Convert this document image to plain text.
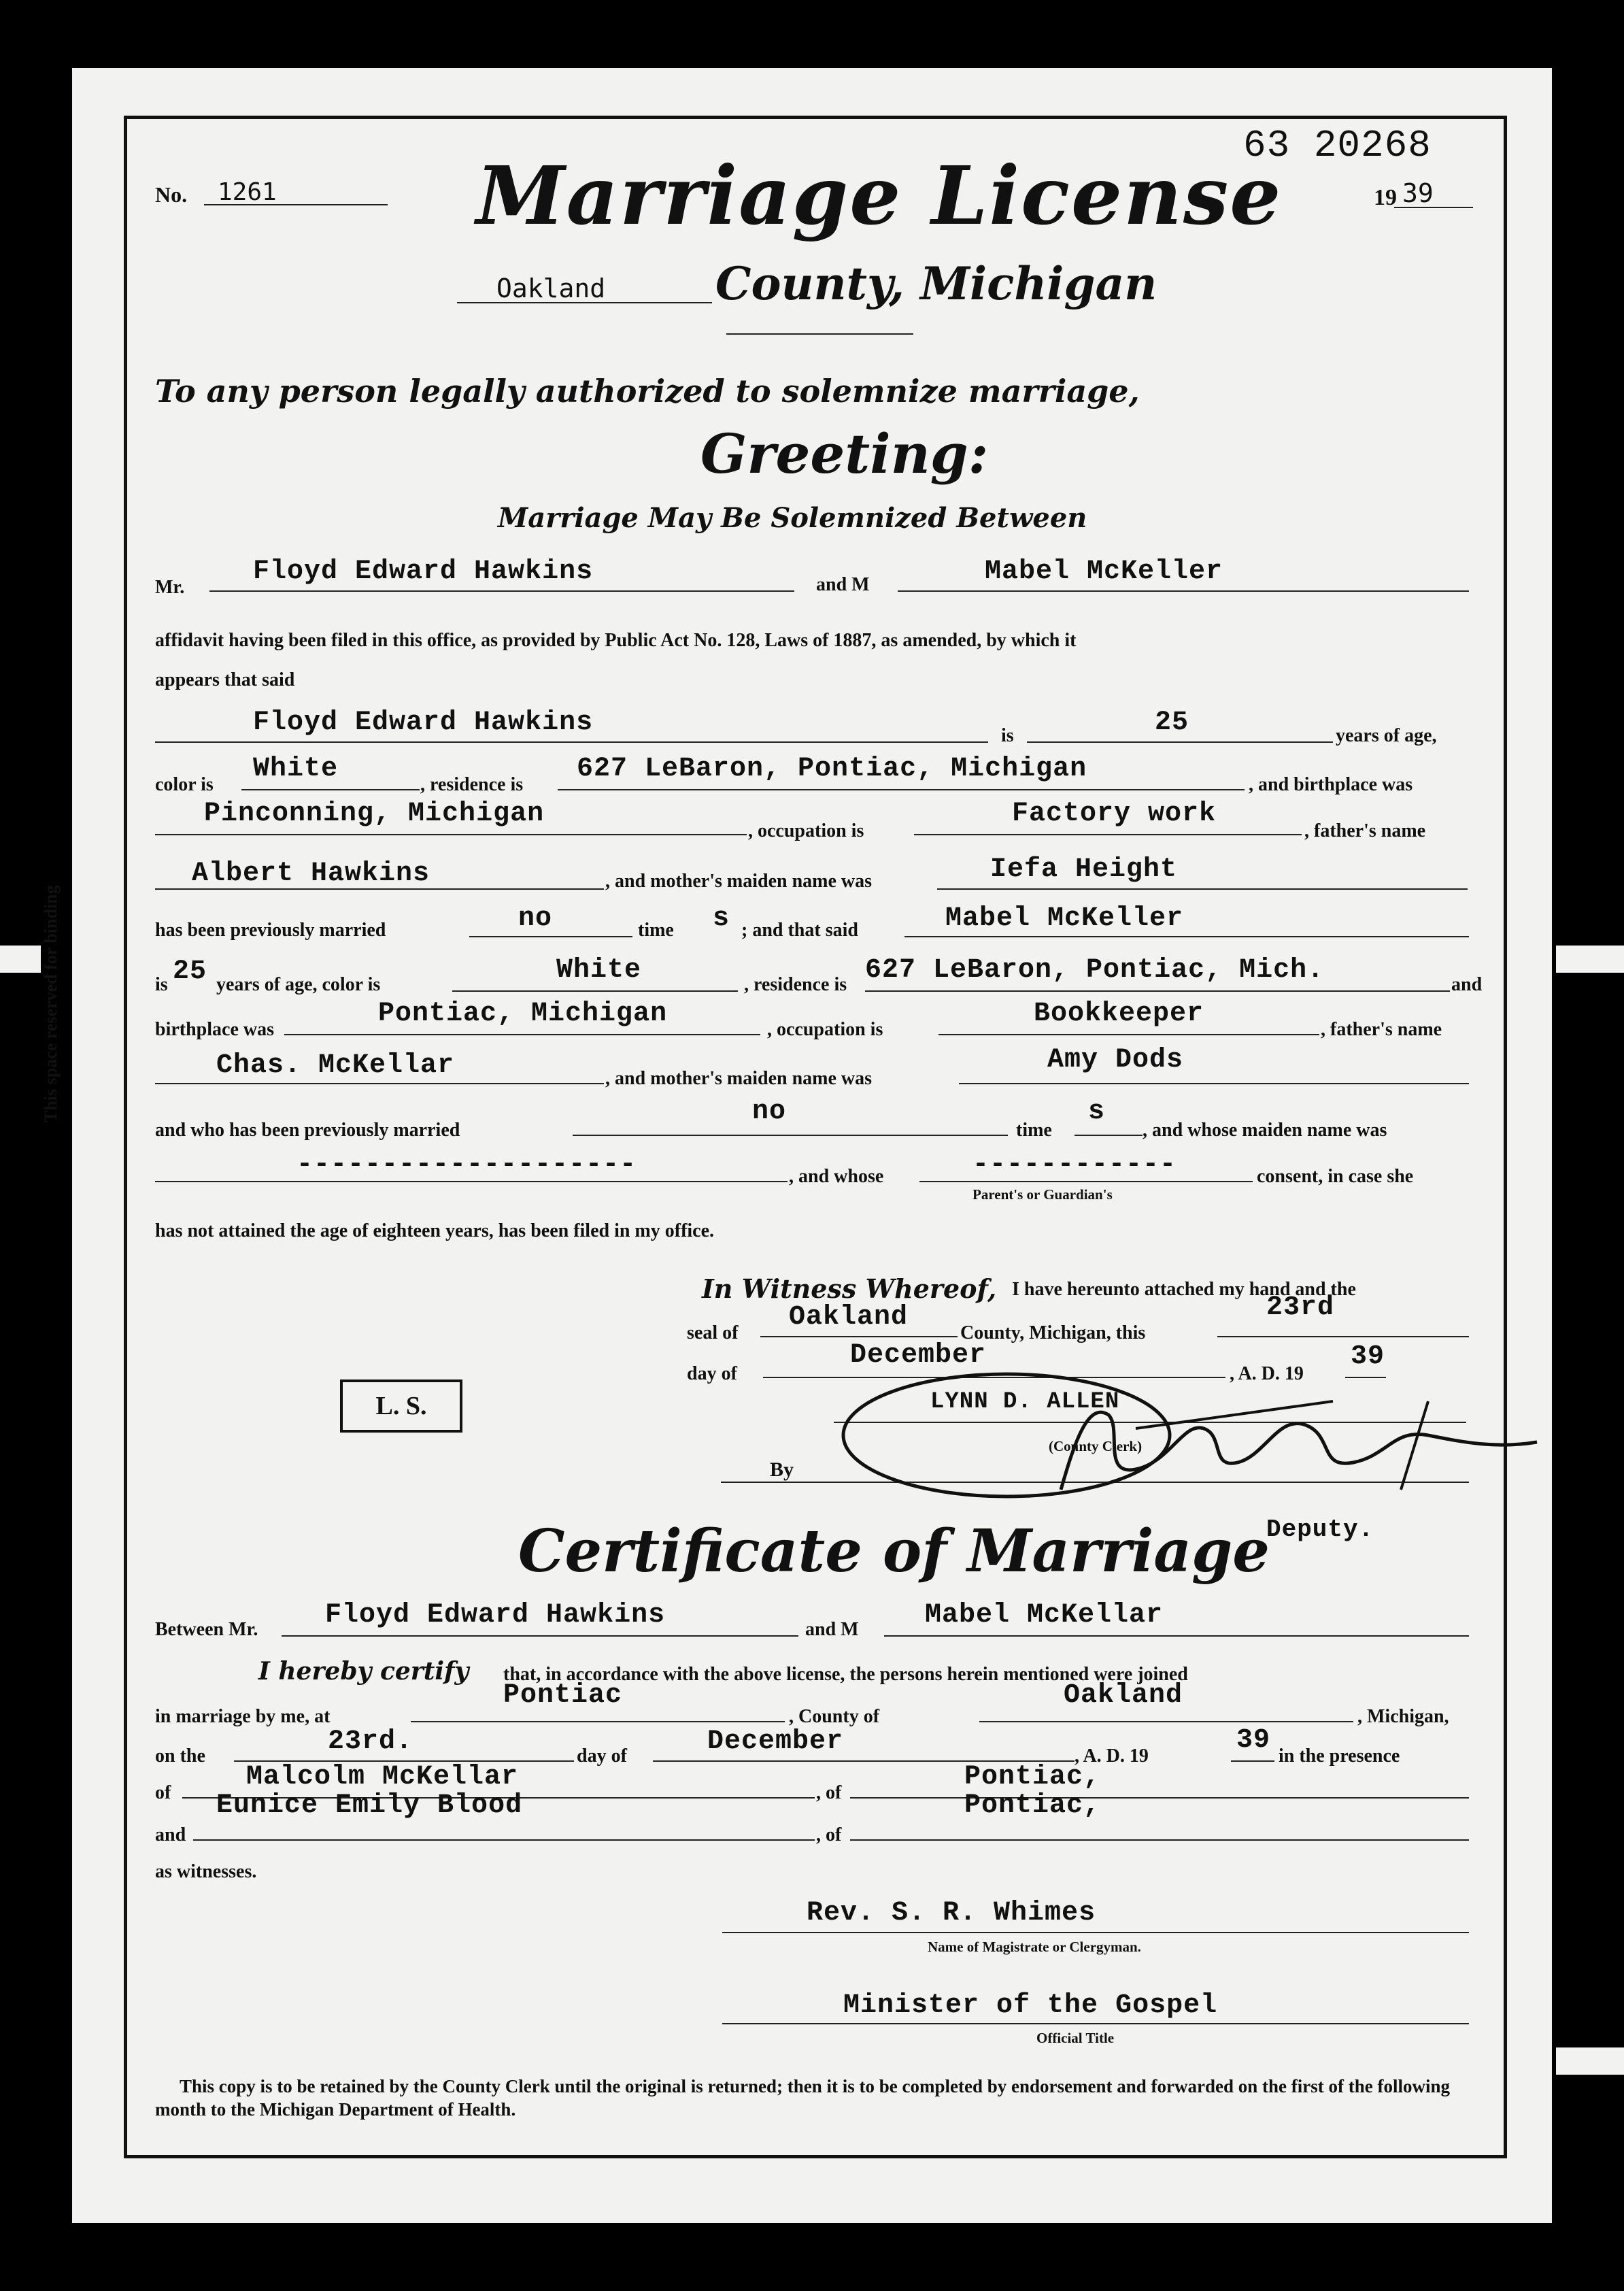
This space reserved for binding
63 20268
No. 1261 Marriage License	19 39
Oakland County, Michigan
To any person legally authorized to solemnize marriage,
Greeting:
Marriage May Be Solemnized Between
Mr.
Floyd Edward Hawkins	and M	Mabel McKeller
affidavit having been filed in this office, as provided by Public Act No. 128, Laws of 1887, as amended, by which it
appears that said
Floyd Edward Hawkins	is	25	years of age,
color is
White
, residence is
627 LeBaron, Pontiac, Michigan
, and birthplace was
Pinconning, Michigan
, occupation is
Factory work
, father's name
Albert Hawkins	, and mother's maiden name was	Iefa Height
has been previously married	no	time s ; and that said	Mabel McKeller
is 25 years of age, color is	White	, residence is 627 LeBaron, Pontiac, Mich.	and
birthplace was
Pontiac, Michigan
, occupation is
Bookkeeper
, father's name
Chas. McKellar	, and mother's maiden name was
Amy Dods
and who has been previously married
no
time
s
, and whose maiden name was
--------------------	, and whose	------------	consent, in case she
Parent's or Guardian's
has not attained the age of eighteen years, has been filed in my office.
In Witness Whereof, I have hereunto attached my hand and the
seal of
Oakland
County, Michigan, this
23rd
day of
December
, A. D. 19
39
L. S.	LYNN D. ALLEN
(County Clerk)
By
Deputy.
Certificate of Marriage
Between Mr. Floyd Edward Hawkins	and M Mabel McKellar
I hereby certify that, in accordance with the above license, the persons herein mentioned were joined
in marriage by me, at
Pontiac
, County of
Oakland
, Michigan,
on the	23rd.	day of	December	, A. D. 19
39
in the presence
of
Malcolm McKellar
, of
Pontiac,
and
Eunice Emily Blood
, of
Pontiac,
as witnesses.
Rev. S. R. Whimes
Name of Magistrate or Clergyman.
Minister of the Gospel
Official Title
This copy is to be retained by the County Clerk until the original is returned; then it is to be completed by endorsement and forwarded on the first of the following month to the Michigan Department of Health.
